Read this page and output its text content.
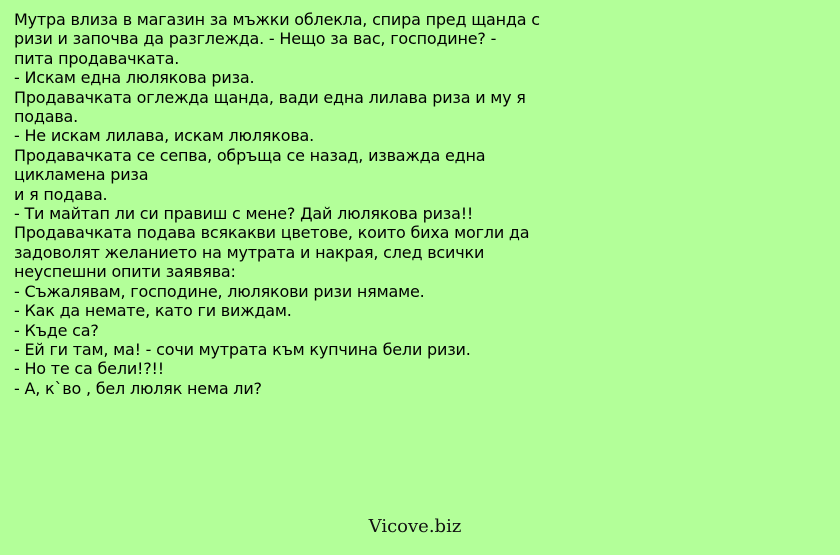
Мутра влиза в магазин за мъжки облекла, спира пред щанда с
ризи и започва да разглежда. - Нещо за вас, господине? -
пита продавачката.
- Искам една люлякова риза.
Продавачката оглежда щанда, вади една лилава риза и му я
подава.
- Не искам лилава, искам люлякова.
Продавачката се сепва, обръща се назад, изважда една
цикламена риза
и я подава.
- Ти майтап ли си правиш с мене? Дай люлякова риза!!
Продавачката подава всякакви цветове, които биха могли да
задоволят желанието на мутрата и накрая, след всички
неуспешни опити заявява:
- Съжалявам, господине, люлякови ризи нямаме.
- Как да немате, като ги виждам.
- Къде са?
- Ей ги там, ма! - сочи мутрата към купчина бели ризи.
- Но те са бели!?!!
- А, к`во , бел люляк нема ли?
Vicove.biz
